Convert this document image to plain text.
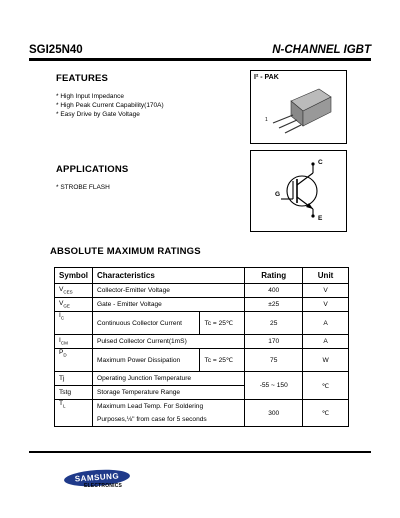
SGI25N40	N-CHANNEL IGBT
FEATURES
* High Input Impedance
* High Peak Current Capability(170A)
* Easy Drive by Gate Voltage
I² - PAK
1
APPLICATIONS
* STROBE FLASH
C
G
E
ABSOLUTE MAXIMUM RATINGS
Symbol	Characteristics		Rating	Unit
$V_{CES}$	Collector-Emitter Voltage		400	V
$V_{GE}$	Gate - Emitter Voltage		±25	V
$I_C$	Continuous Collector Current	Tc = 25℃	25	A
$I_{CM}$	Pulsed Collector Current(1mS)		170	A
$P_D$	Maximum Power Dissipation	Tc = 25℃	75	W
Tj	Operating Junction Temperature		-55 ~ 150	℃
Tstg	Storage Temperature Range			
$T_L$	Maximum Lead Temp. For Soldering
Purposes,⅛" from case for 5 seconds		300	℃
SAMSUNG
ELECTRONICS
